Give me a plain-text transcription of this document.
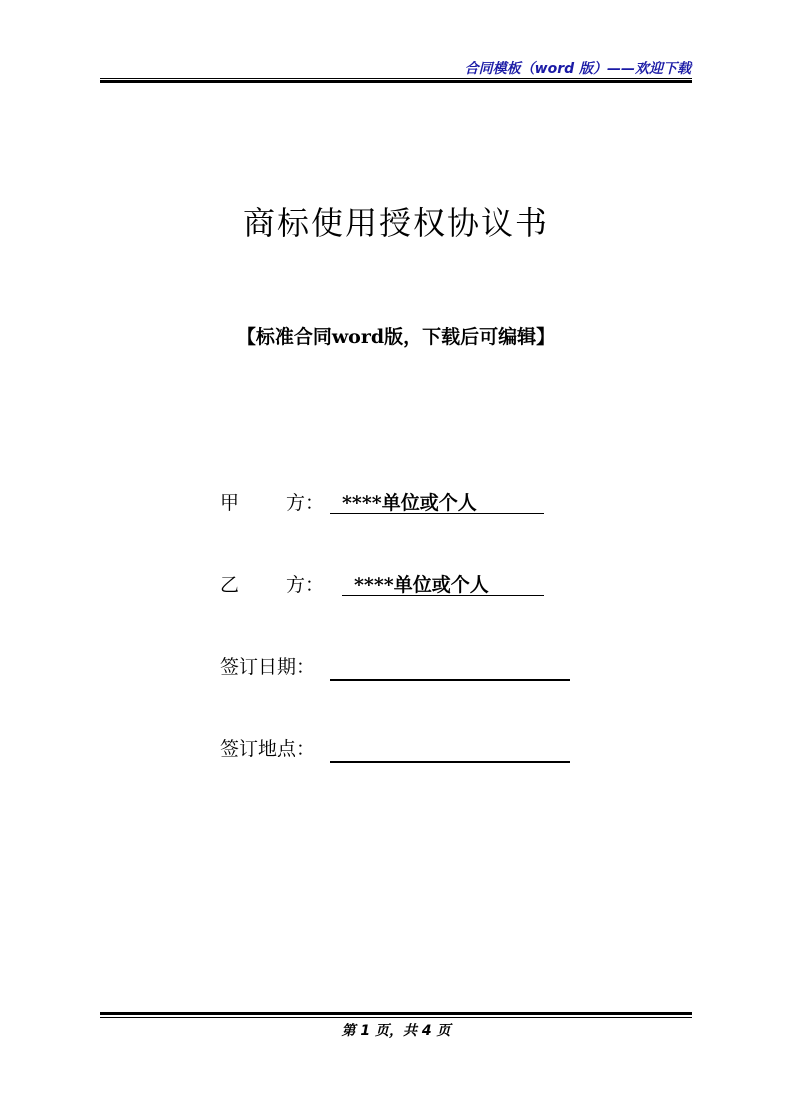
合同模板（word 版）——欢迎下载
商标使用授权协议书
【标准合同word版，下载后可编辑】
甲 方： ****单位或个人
乙 方：	****单位或个人
签订日期：
签订地点：
第 1 页，共 4 页
